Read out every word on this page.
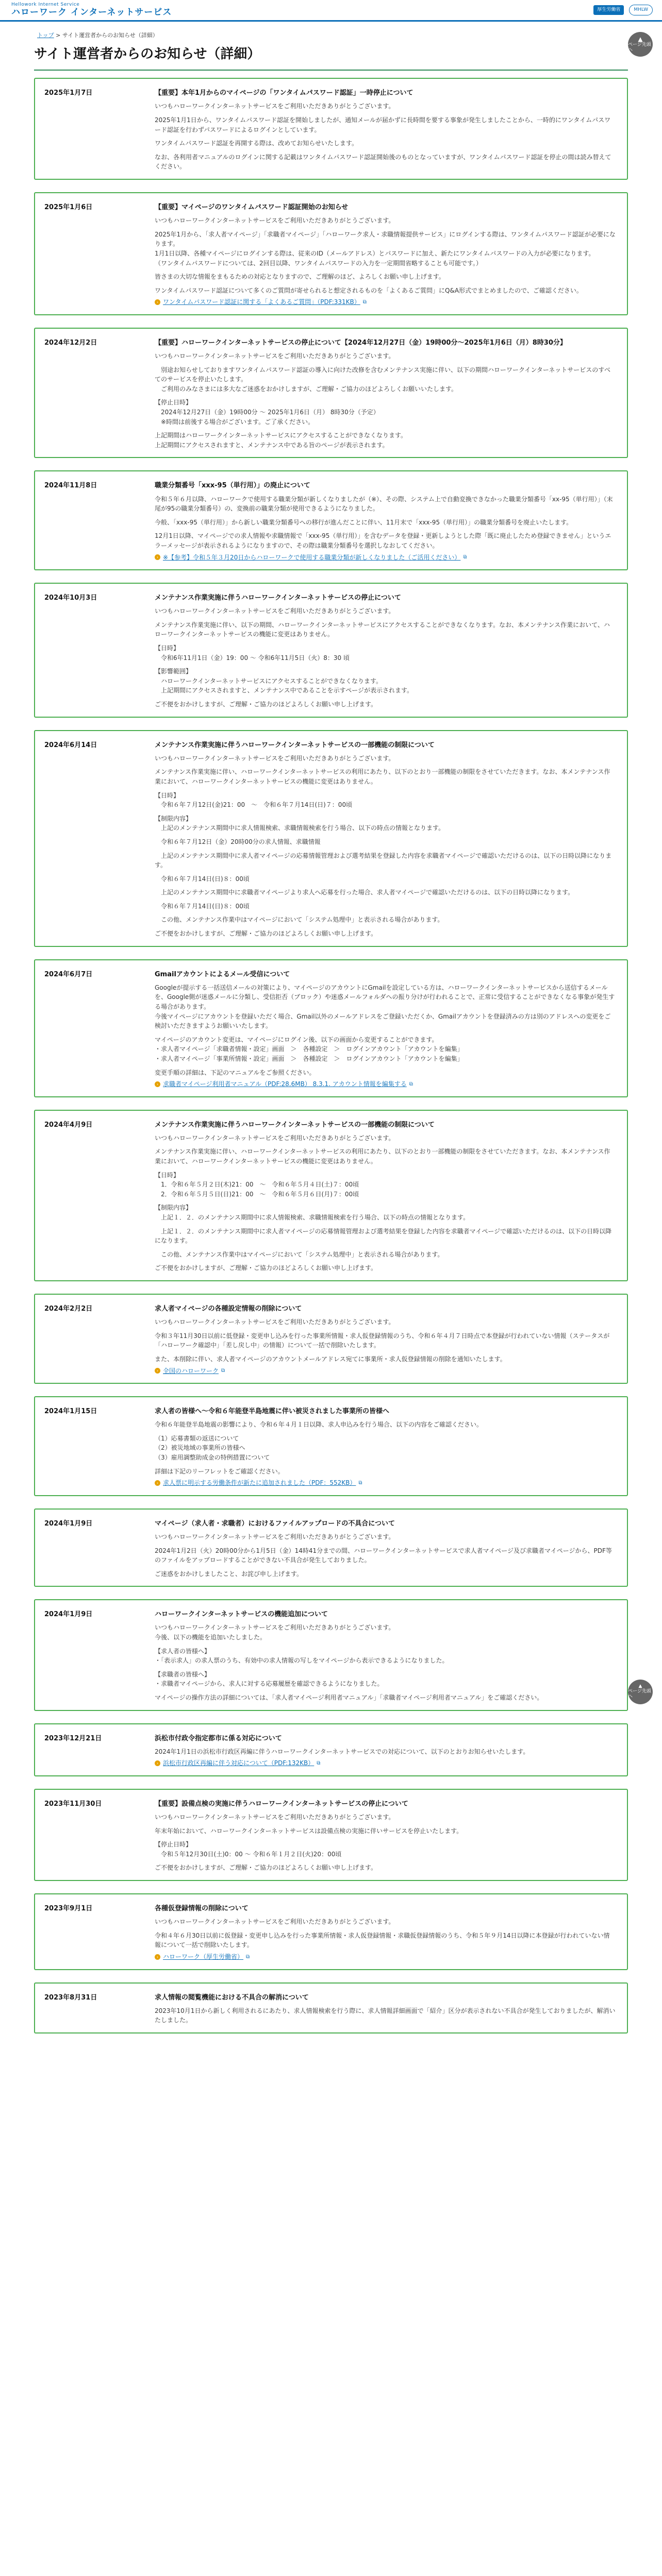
Hellowork Internet Service
ハローワーク インターネットサービス	厚生労働省	MHLW
トップ > サイト運営者からのお知らせ（詳細）
サイト運営者からのお知らせ（詳細）
2025年1月7日	【重要】本年1月からのマイページの「ワンタイムパスワード認証」一時停止について

いつもハローワークインターネットサービスをご利用いただきありがとうございます。

2025年1月1日から、ワンタイムパスワード認証を開始しましたが、通知メールが届かずに長時間を要する事象が発生しましたことから、一時的にワンタイムパスワード認証を行わずパスワードによるログインとしています。

ワンタイムパスワード認証を再開する際は、改めてお知らせいたします。

なお、各利用者マニュアルのログインに関する記載はワンタイムパスワード認証開始後のものとなっていますが、ワンタイムパスワード認証を停止の間は読み替えてください。

2025年1月6日	【重要】マイページのワンタイムパスワード認証開始のお知らせ

いつもハローワークインターネットサービスをご利用いただきありがとうございます。

2025年1月から、「求人者マイページ」「求職者マイページ」「ハローワーク求人・求職情報提供サービス」にログインする際は、ワンタイムパスワード認証が必要になります。

1月1日以降、各種マイページにログインする際は、従来のID（メールアドレス）とパスワードに加え、新たにワンタイムパスワードの入力が必要になります。

（ワンタイムパスワードについては、2回目以降、ワンタイムパスワードの入力を一定期間省略することも可能です。）

皆さまの大切な情報をまもるための対応となりますので、ご理解のほど、よろしくお願い申し上げます。

ワンタイムパスワード認証について多くのご質問が寄せられると想定されるものを「よくあるご質問」にQ&A形式でまとめましたので、ご確認ください。

› ワンタイムパスワード認証に関する「よくあるご質問」（PDF:331KB） ⧉
2024年12月2日	【重要】ハローワークインターネットサービスの停止について【2024年12月27日（金）19時00分～2025年1月6日（月）8時30分】

いつもハローワークインターネットサービスをご利用いただきありがとうございます。

　別途お知らせしておりますワンタイムパスワード認証の導入に向けた改修を含むメンテナンス実施に伴い、以下の期間ハローワークインターネットサービスのすべてのサービスを停止いたします。

　ご利用のみなさまには多大なご迷惑をおかけしますが、ご理解・ご協力のほどよろしくお願いいたします。

【停止日時】

　2024年12月27日（金）19時00分 ～ 2025年1月6日（月） 8時30分（予定）

　※時間は前後する場合がございます。ご了承ください。

上記期間はハローワークインターネットサービスにアクセスすることができなくなります。

上記期間にアクセスされますと、メンテナンス中である旨のページが表示されます。

2024年11月8日	職業分類番号「xxx-95（単行用）」の廃止について

令和５年６月以降、ハローワークで使用する職業分類が新しくなりましたが（※）、その際、システム上で自動変換できなかった職業分類番号「xx-95（単行用）」（末尾が95の職業分類番号）の、変換前の職業分類が使用できるようになりました。

今般、「xxx-95（単行用）」から新しい職業分類番号への移行が進んだことに伴い、11月末で「xxx-95（単行用）」の職業分類番号を廃止いたします。

12月1日以降、マイページでの求人情報や求職情報で「xxx-95（単行用）」を含むデータを登録・更新しようとした際「既に廃止したため登録できません」というエラーメッセージが表示されるようになりますので、その際は職業分類番号を選択しなおしてください。

› ※【参考】令和５年３月20日からハローワークで使用する職業分類が新しくなりました（ご活用ください） ⧉
2024年10月3日	メンテナンス作業実施に伴うハローワークインターネットサービスの停止について

いつもハローワークインターネットサービスをご利用いただきありがとうございます。

メンテナンス作業実施に伴い、以下の期間、ハローワークインターネットサービスにアクセスすることができなくなります。なお、本メンテナンス作業において、ハローワークインターネットサービスの機能に変更はありません。

【日時】

　令和6年11月1日（金）19：00 ～ 令和6年11月5日（火）8：30 頃

【影響範囲】

　ハローワークインターネットサービスにアクセスすることができなくなります。

　上記期間にアクセスされますと、メンテナンス中であることを示すページが表示されます。

ご不便をおかけしますが、ご理解・ご協力のほどよろしくお願い申し上げます。

2024年6月14日	メンテナンス作業実施に伴うハローワークインターネットサービスの一部機能の制限について

いつもハローワークインターネットサービスをご利用いただきありがとうございます。

メンテナンス作業実施に伴い、ハローワークインターネットサービスの利用にあたり、以下のとおり一部機能の制限をさせていただきます。なお、本メンテナンス作業において、ハローワークインターネットサービスの機能に変更はありません。

【日時】

　令和６年７月12日(金)21：00　～　令和６年７月14日(日)７：00頃

【制限内容】

　上記のメンテナンス期間中に求人情報検索、求職情報検索を行う場合、以下の時点の情報となります。

　令和６年７月12日（金）20時00分の求人情報、求職情報

　上記のメンテナンス期間中に求人者マイページの応募情報管理および選考結果を登録した内容を求職者マイページで確認いただけるのは、以下の日時以降になります。

　令和６年７月14日(日)８：00頃

　上記のメンテナンス期間中に求職者マイページより求人へ応募を行った場合、求人者マイページで確認いただけるのは、以下の日時以降になります。

　令和６年７月14日(日)８：00頃

　この他、メンテナンス作業中はマイページにおいて「システム処理中」と表示される場合があります。

ご不便をおかけしますが、ご理解・ご協力のほどよろしくお願い申し上げます。

2024年6月7日	Gmailアカウントによるメール受信について

Googleが提示する一括送信メールの対策により、マイページのアカウントにGmailを設定している方は、ハローワークインターネットサービスから送信するメールを、Google側が迷惑メールに分類し、受信拒否（ブロック）や迷惑メールフォルダへの振り分けが行われることで、正常に受信することができなくなる事象が発生する場合があります。

今後マイページにアカウントを登録いただく場合、Gmail以外のメールアドレスをご登録いただくか、Gmailアカウントを登録済みの方は別のアドレスへの変更をご検討いただきますようお願いいたします。

マイページのアカウント変更は、マイページにログイン後、以下の画面から変更することができます。

・求人者マイページ「求職者情報・設定」画面　＞　各種設定　＞　ログインアカウント「アカウントを編集」

・求人者マイページ「事業所情報・設定」画面　＞　各種設定　＞　ログインアカウント「アカウントを編集」

変更手順の詳細は、下記のマニュアルをご参照ください。

› 求職者マイページ利用者マニュアル（PDF:28.6MB） 8.3.1. アカウント情報を編集する ⧉
2024年4月9日	メンテナンス作業実施に伴うハローワークインターネットサービスの一部機能の制限について

いつもハローワークインターネットサービスをご利用いただきありがとうございます。

メンテナンス作業実施に伴い、ハローワークインターネットサービスの利用にあたり、以下のとおり一部機能の制限をさせていただきます。なお、本メンテナンス作業において、ハローワークインターネットサービスの機能に変更はありません。

【日時】

　1．令和６年５月２日(木)21：00　～　令和６年５月４日(土)７：00頃

　2．令和６年５月５日(日)21：00　～　令和６年５月６日(月)７：00頃

【制限内容】

　上記１．２．のメンテナンス期間中に求人情報検索、求職情報検索を行う場合、以下の時点の情報となります。

　上記１．２．のメンテナンス期間中に求人者マイページの応募情報管理および選考結果を登録した内容を求職者マイページで確認いただけるのは、以下の日時以降になります。

　この他、メンテナンス作業中はマイページにおいて「システム処理中」と表示される場合があります。

ご不便をおかけしますが、ご理解・ご協力のほどよろしくお願い申し上げます。

2024年2月2日	求人者マイページの各種設定情報の削除について

いつもハローワークインターネットサービスをご利用いただきありがとうございます。

令和３年11月30日以前に低登録・変更申し込みを行った事業所情報・求人仮登録情報のうち、令和６年４月７日時点で本登録が行われていない情報（ステータスが「ハローワーク確認中」「差し戻し中」の情報）について一括で削除いたします。

また、本削除に伴い、求人者マイページのアカウントメールアドレス宛てに事業所・求人仮登録情報の削除を通知いたします。

› 全国のハローワーク ⧉
2024年1月15日	求人者の皆様へ～令和６年能登半島地震に伴い被災されました事業所の皆様へ

令和６年能登半島地震の影響により、令和６年４月１日以降、求人申込みを行う場合、以下の内容をご確認ください。

（1）応募書類の返送について

（2）被災地域の事業所の皆様へ

（3）雇用調整助成金の特例措置について

詳細は下記のリーフレットをご確認ください。

› 求人票に明示する労働条件が新たに追加されました（PDF：552KB） ⧉
2024年1月9日	マイページ（求人者・求職者）におけるファイルアップロードの不具合について

いつもハローワークインターネットサービスをご利用いただきありがとうございます。

2024年1月2日（火）20時00分から1月5日（金）14時41分までの間、ハローワークインターネットサービスで求人者マイページ及び求職者マイページから、PDF等のファイルをアップロードすることができない不具合が発生しておりました。

ご迷惑をおかけしましたこと、お詫び申し上げます。

2024年1月9日	ハローワークインターネットサービスの機能追加について

いつもハローワークインターネットサービスをご利用いただきありがとうございます。

今後、以下の機能を追加いたしました。

【求人者の皆様へ】

・「表示求人」の求人票のうち、有効中の求人情報の写しをマイページから表示できるようになりました。

【求職者の皆様へ】

・求職者マイページから、求人に対する応募履歴を確認できるようになりました。

マイページの操作方法の詳細については、「求人者マイページ利用者マニュアル」「求職者マイページ利用者マニュアル」をご確認ください。

2023年12月21日	浜松市付政令指定都市に係る対応について

2024年1月1日の浜松市行政区再編に伴うハローワークインターネットサービスでの対応について、以下のとおりお知らせいたします。

› 浜松市行政区再編に伴う対応について（PDF:132KB） ⧉
2023年11月30日	【重要】設備点検の実施に伴うハローワークインターネットサービスの停止について

いつもハローワークインターネットサービスをご利用いただきありがとうございます。

年末年始において、ハローワークインターネットサービスは設備点検の実施に伴いサービスを停止いたします。

【停止日時】

　令和５年12月30日(土)0：00 ～ 令和６年１月２日(火)20：00頃

ご不便をおかけしますが、ご理解・ご協力のほどよろしくお願い申し上げます。

2023年9月1日	各種仮登録情報の削除について

いつもハローワークインターネットサービスをご利用いただきありがとうございます。

令和４年６月30日以前に仮登録・変更申し込みを行った事業所情報・求人仮登録情報・求職仮登録情報のうち、令和５年９月14日以降に本登録が行われていない情報について一括で削除いたします。

› ハローワーク（厚生労働省） ⧉
2023年8月31日	求人情報の閲覧機能における不具合の解消について

2023年10月1日から新しく利用されるにあたり、求人情報検索を行う際に、求人情報詳細画面で「紹介」区分が表示されない不具合が発生しておりましたが、解消いたしました。

▲
ページ先頭へ
▲
ページ先頭へ
